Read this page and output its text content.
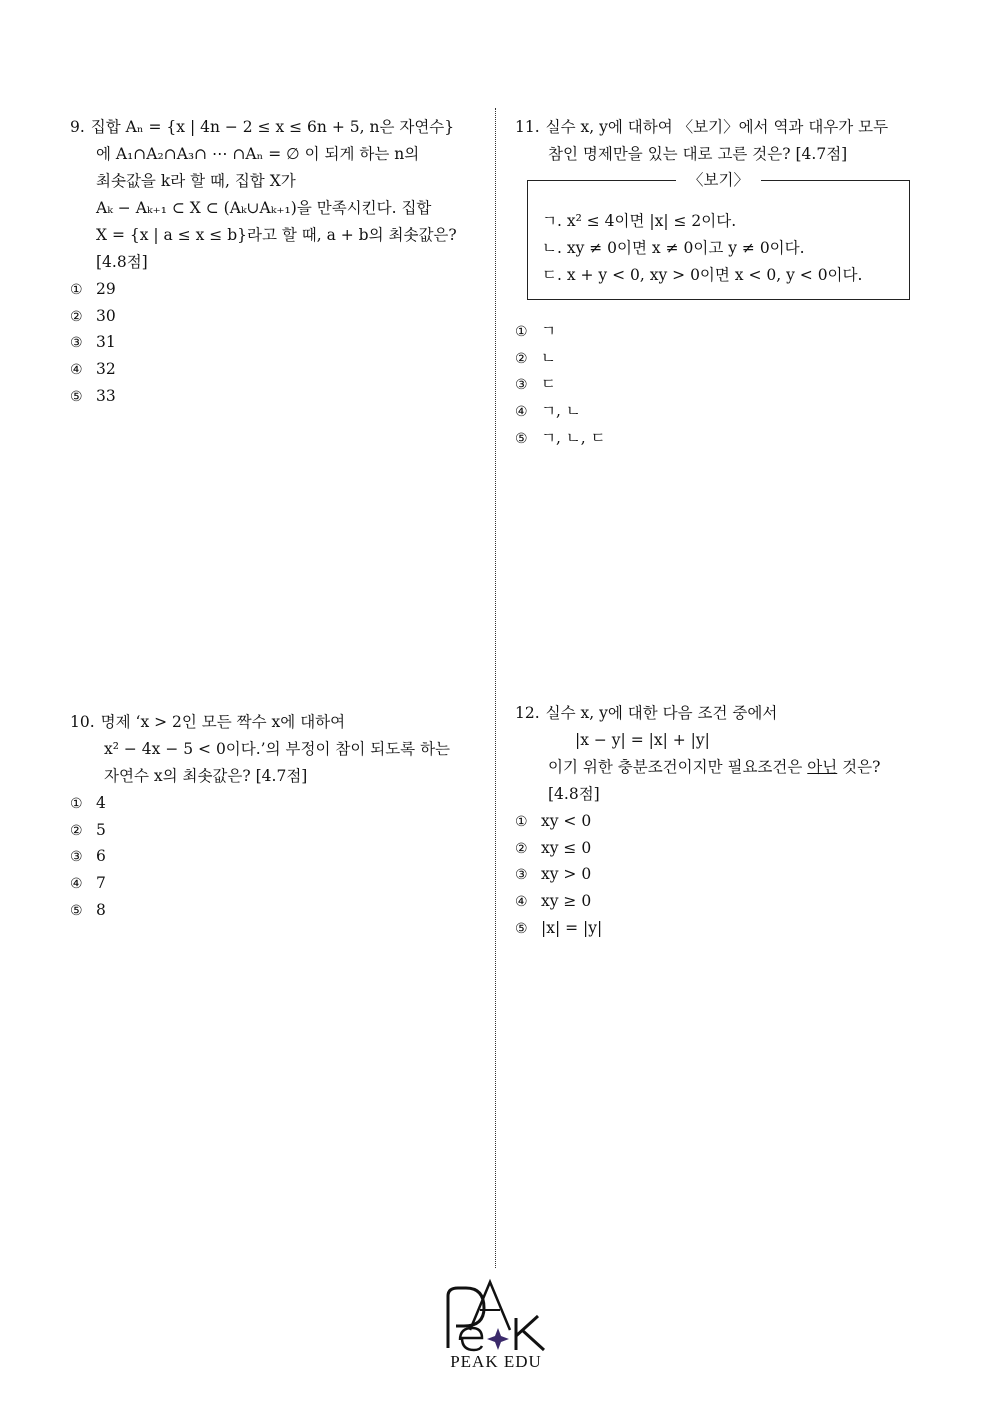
9. 집합 Aₙ = {x | 4n − 2 ≤ x ≤ 6n + 5, n은 자연수}
에 A₁∩A₂∩A₃∩ ⋯ ∩Aₙ = ∅ 이 되게 하는 n의
최솟값을 k라 할 때, 집합 X가
Aₖ − Aₖ₊₁ ⊂ X ⊂ (Aₖ∪Aₖ₊₁)을 만족시킨다. 집합
X = {x | a ≤ x ≤ b}라고 할 때, a + b의 최솟값은?
[4.8점]
① 29
② 30
③ 31
④ 32
⑤ 33
10. 명제 ‘x > 2인 모든 짝수 x에 대하여
x² − 4x − 5 < 0이다.’의 부정이 참이 되도록 하는
자연수 x의 최솟값은? [4.7점]
① 4
② 5
③ 6
④ 7
⑤ 8
11. 실수 x, y에 대하여 〈보기〉에서 역과 대우가 모두
참인 명제만을 있는 대로 고른 것은? [4.7점]
〈보기〉
ㄱ. x² ≤ 4이면 |x| ≤ 2이다.
ㄴ. xy ≠ 0이면 x ≠ 0이고 y ≠ 0이다.
ㄷ. x + y < 0, xy > 0이면 x < 0, y < 0이다.
① ㄱ
② ㄴ
③ ㄷ
④ ㄱ, ㄴ
⑤ ㄱ, ㄴ, ㄷ
12. 실수 x, y에 대한 다음 조건 중에서
|x − y| = |x| + |y|
이기 위한 충분조건이지만 필요조건은 아닌 것은?
[4.8점]
① xy < 0
② xy ≤ 0
③ xy > 0
④ xy ≥ 0
⑤ |x| = |y|
PEAK EDU
